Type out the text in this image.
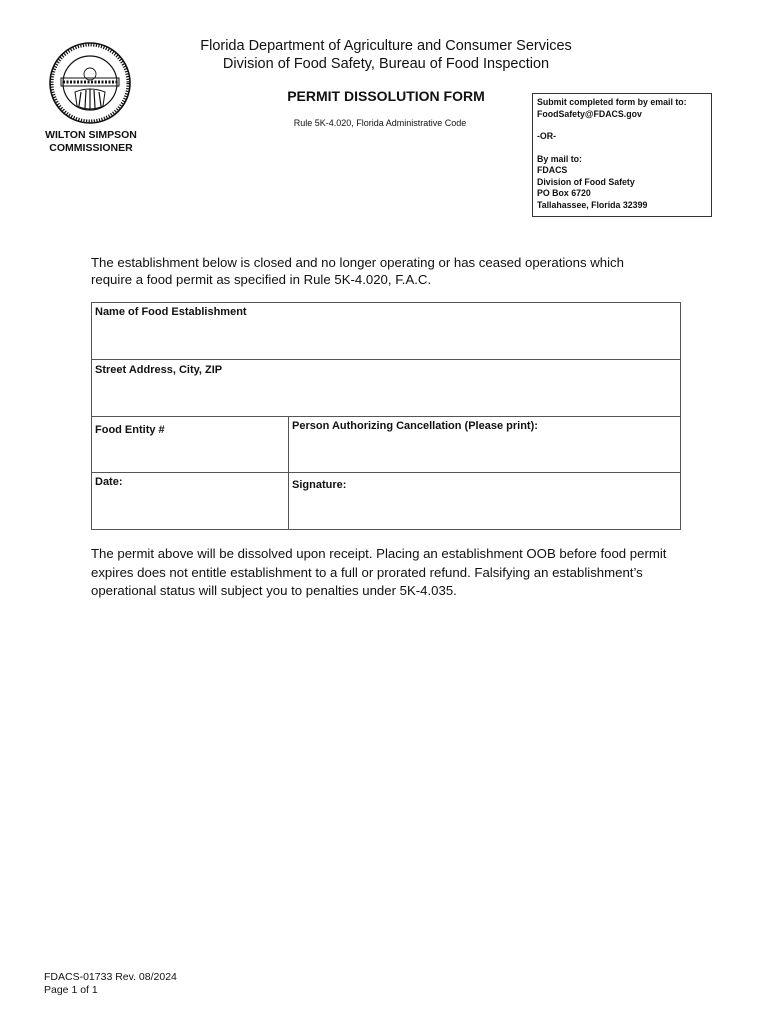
WILTON SIMPSON
COMMISSIONER
Florida Department of Agriculture and Consumer Services
Division of Food Safety, Bureau of Food Inspection
PERMIT DISSOLUTION FORM
Rule 5K-4.020, Florida Administrative Code
Submit completed form by email to:
FoodSafety@FDACS.gov
-OR-
By mail to:
FDACS
Division of Food Safety
PO Box 6720
Tallahassee, Florida 32399
The establishment below is closed and no longer operating or has ceased operations which require a food permit as specified in Rule 5K-4.020, F.A.C.
Name of Food Establishment	
Street Address, City, ZIP	
Food Entity #	Person Authorizing Cancellation (Please print):
Date:	Signature:
The permit above will be dissolved upon receipt. Placing an establishment OOB before food permit expires does not entitle establishment to a full or prorated refund. Falsifying an establishment’s operational status will subject you to penalties under 5K-4.035.
FDACS-01733 Rev. 08/2024
Page 1 of 1
